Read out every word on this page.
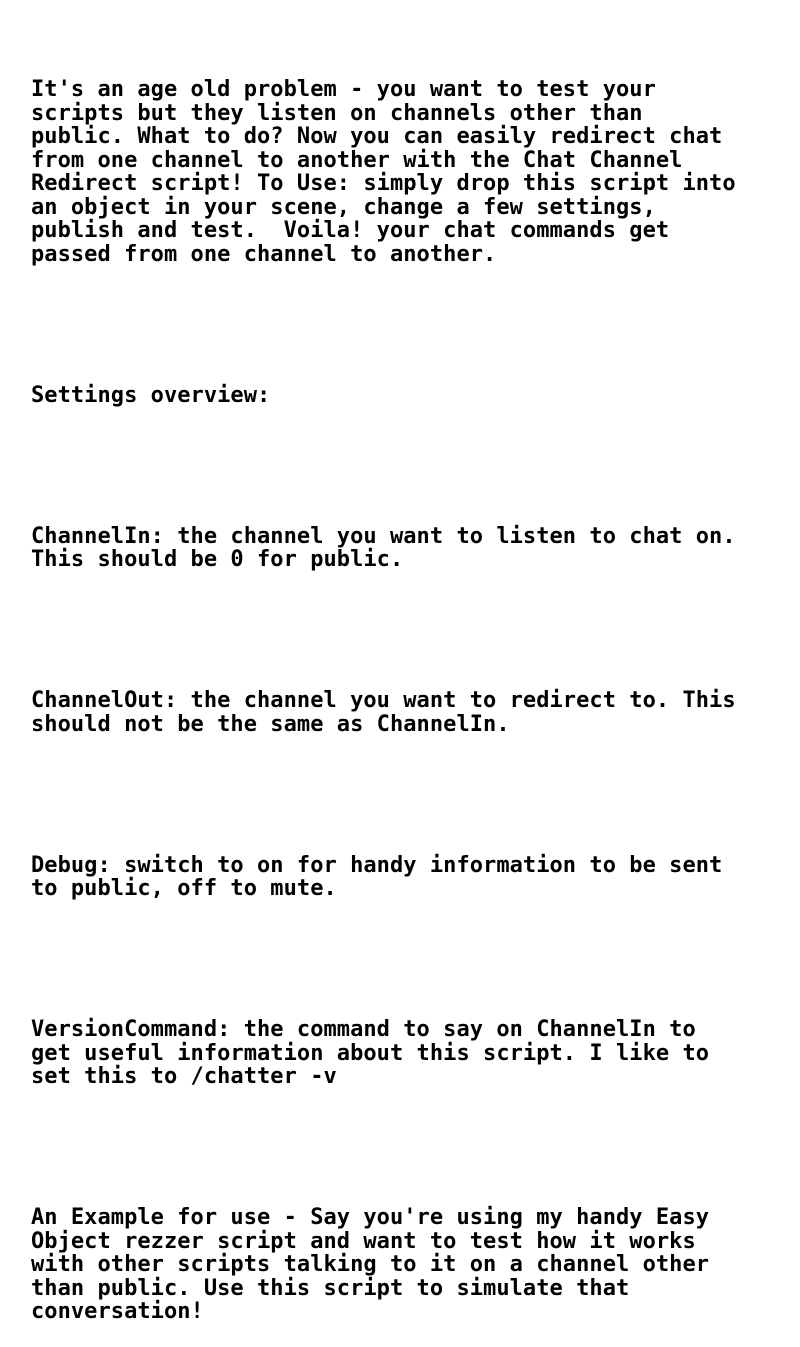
It's an age old problem - you want to test your
scripts but they listen on channels other than
public. What to do? Now you can easily redirect chat
from one channel to another with the Chat Channel
Redirect script! To Use: simply drop this script into
an object in your scene, change a few settings,
publish and test.  Voila! your chat commands get
passed from one channel to another.

Settings overview:

ChannelIn: the channel you want to listen to chat on.
This should be 0 for public.

ChannelOut: the channel you want to redirect to. This
should not be the same as ChannelIn.

Debug: switch to on for handy information to be sent
to public, off to mute.

VersionCommand: the command to say on ChannelIn to
get useful information about this script. I like to
set this to /chatter -v

An Example for use - Say you're using my handy Easy
Object rezzer script and want to test how it works
with other scripts talking to it on a channel other
than public. Use this script to simulate that
conversation!
